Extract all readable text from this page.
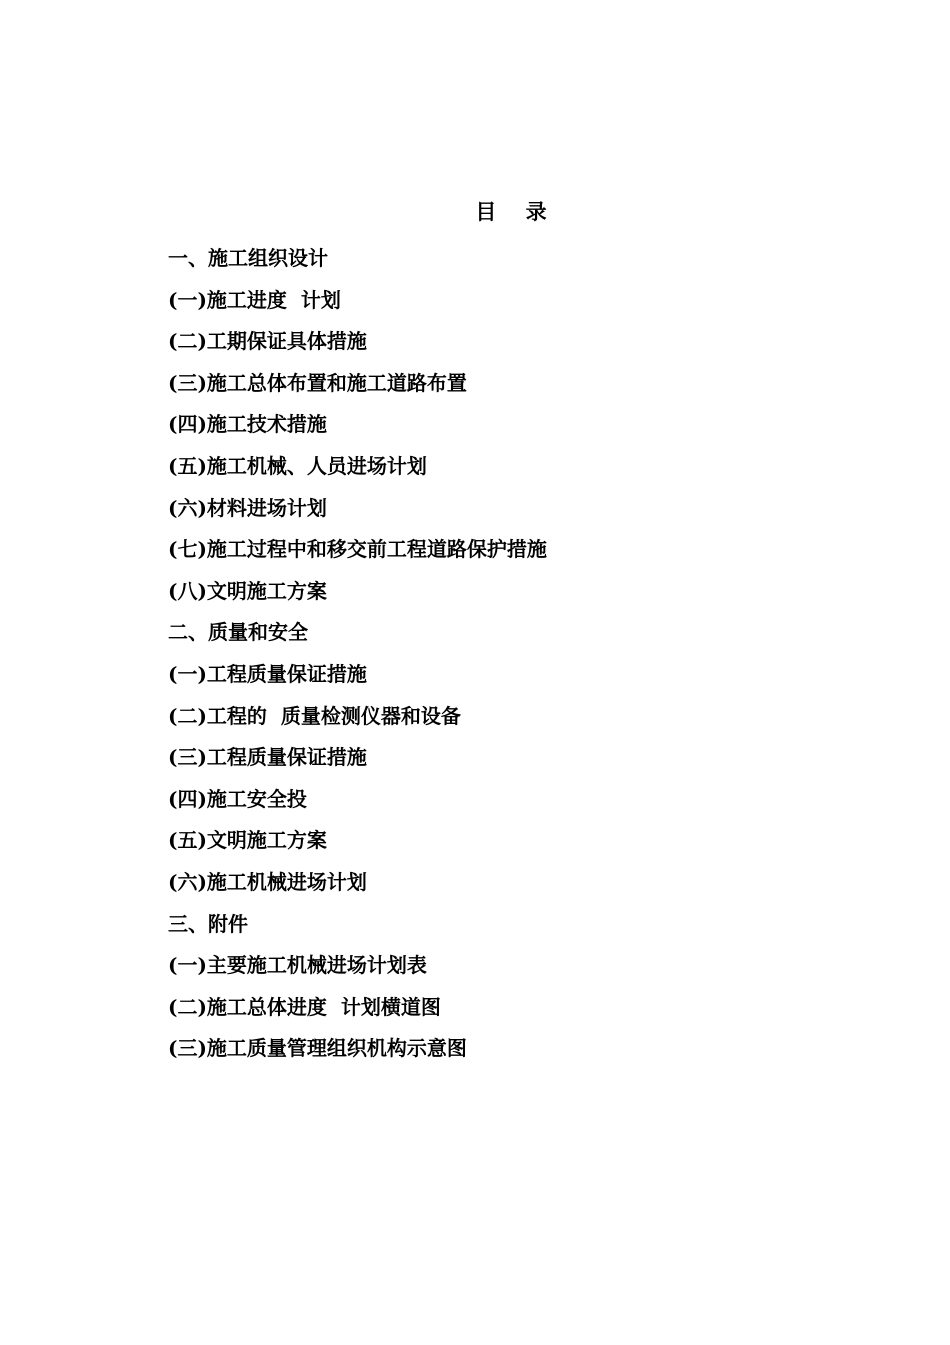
目    录
一、施工组织设计
(一)施工进度  计划
(二)工期保证具体措施
(三)施工总体布置和施工道路布置
(四)施工技术措施
(五)施工机械、人员进场计划
(六)材料进场计划
(七)施工过程中和移交前工程道路保护措施
(八)文明施工方案
二、质量和安全
(一)工程质量保证措施
(二)工程的  质量检测仪器和设备
(三)工程质量保证措施
(四)施工安全投
(五)文明施工方案
(六)施工机械进场计划
三、附件
(一)主要施工机械进场计划表
(二)施工总体进度  计划横道图
(三)施工质量管理组织机构示意图
